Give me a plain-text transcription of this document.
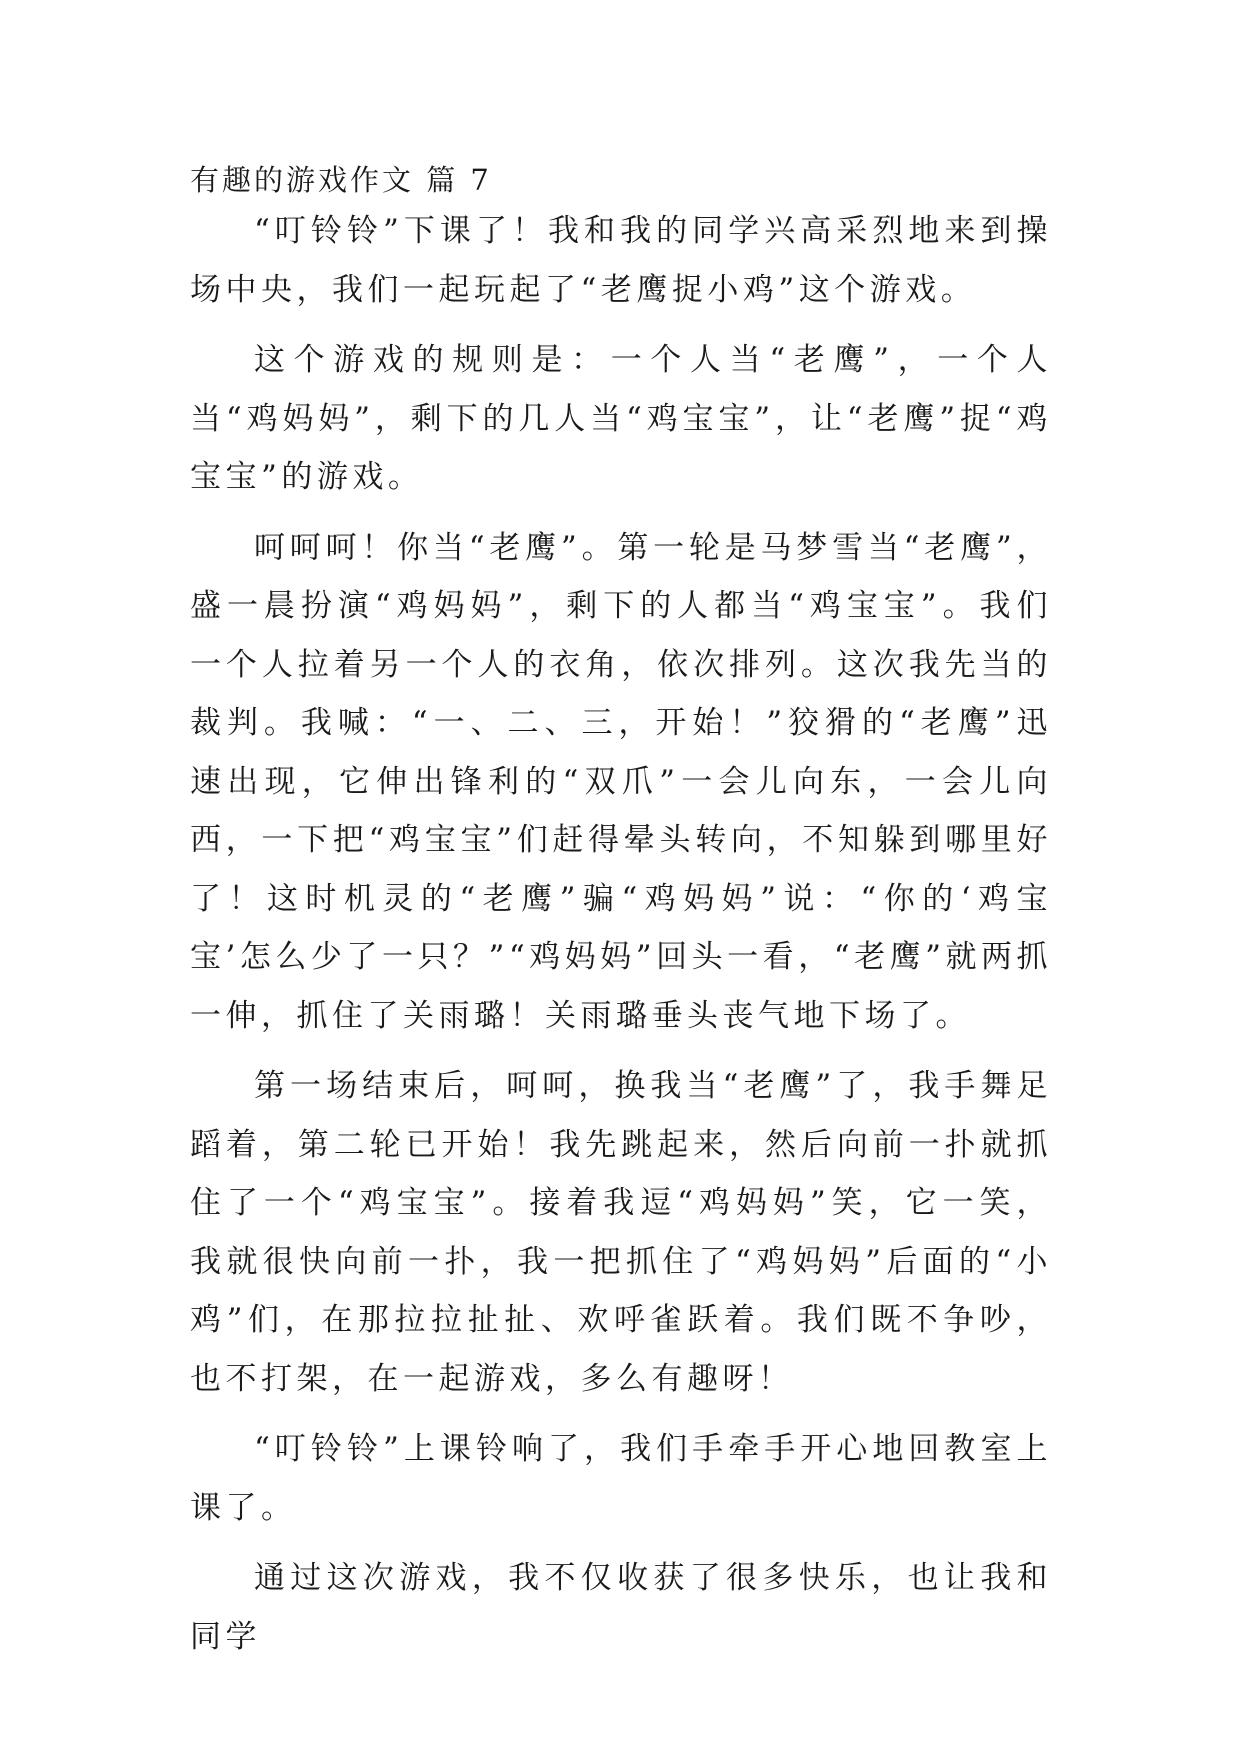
有趣的游戏作文 篇 7

“叮铃铃”下课了！我和我的同学兴高采烈地来到操场中央，我们一起玩起了“老鹰捉小鸡”这个游戏。

这个游戏的规则是：一个人当“老鹰”，一个人当“鸡妈妈”，剩下的几人当“鸡宝宝”，让“老鹰”捉“鸡宝宝”的游戏。

呵呵呵！你当“老鹰”。第一轮是马梦雪当“老鹰”，盛一晨扮演“鸡妈妈”，剩下的人都当“鸡宝宝”。我们一个人拉着另一个人的衣角，依次排列。这次我先当的裁判。我喊：“一、二、三，开始！”狡猾的“老鹰”迅速出现，它伸出锋利的“双爪”一会儿向东，一会儿向西，一下把“鸡宝宝”们赶得晕头转向，不知躲到哪里好了！这时机灵的“老鹰”骗“鸡妈妈”说：“你的‘鸡宝宝’怎么少了一只？”“鸡妈妈”回头一看，“老鹰”就两抓一伸，抓住了关雨璐！关雨璐垂头丧气地下场了。

第一场结束后，呵呵，换我当“老鹰”了，我手舞足蹈着，第二轮已开始！我先跳起来，然后向前一扑就抓住了一个“鸡宝宝”。接着我逗“鸡妈妈”笑，它一笑，我就很快向前一扑，我一把抓住了“鸡妈妈”后面的“小鸡”们，在那拉拉扯扯、欢呼雀跃着。我们既不争吵，也不打架，在一起游戏，多么有趣呀！

“叮铃铃”上课铃响了，我们手牵手开心地回教室上课了。

通过这次游戏，我不仅收获了很多快乐，也让我和同学
